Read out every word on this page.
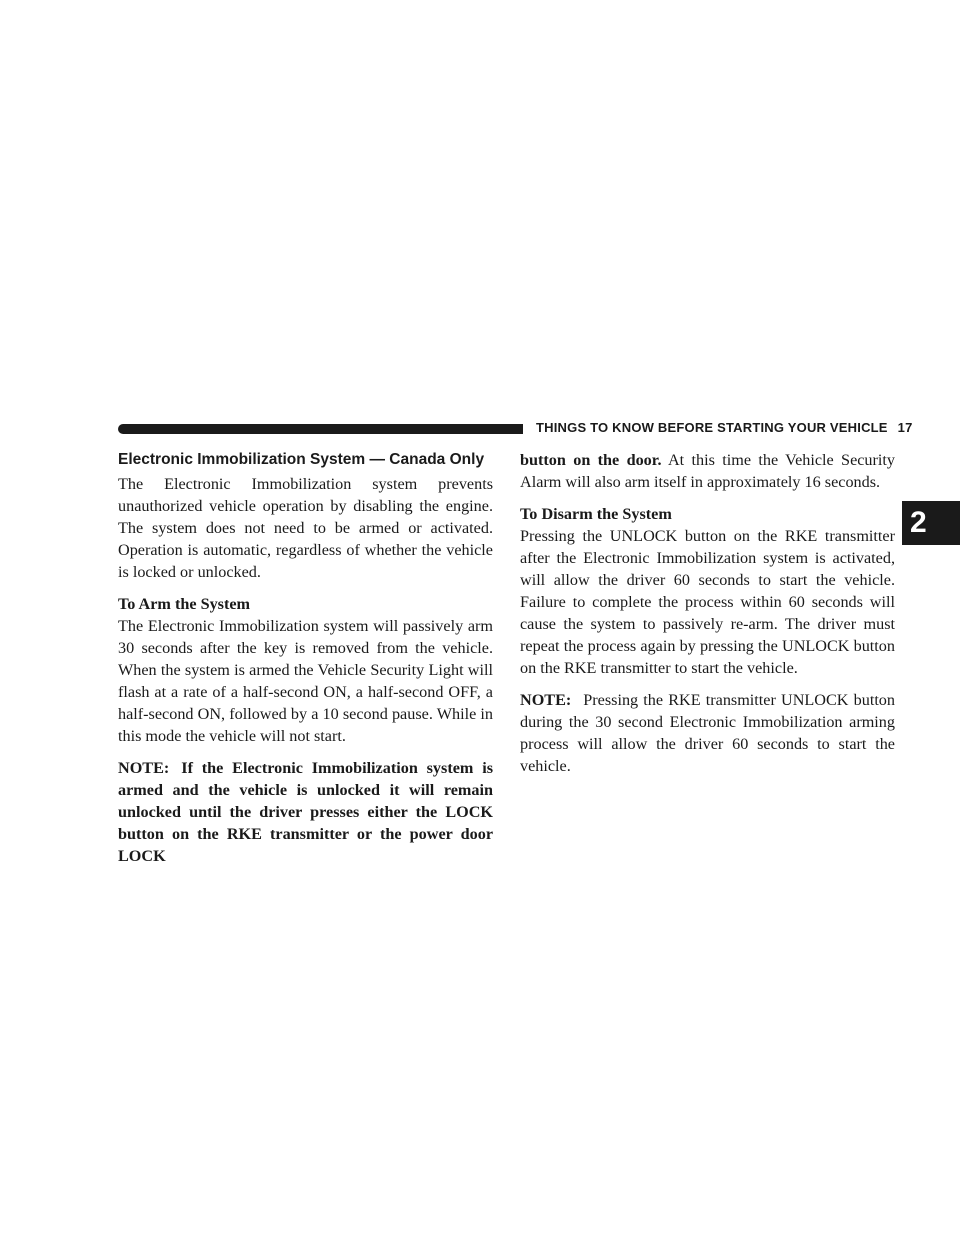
THINGS TO KNOW BEFORE STARTING YOUR VEHICLE 17
2
Electronic Immobilization System — Canada Only

The Electronic Immobilization system prevents unauthorized vehicle operation by disabling the engine. The system does not need to be armed or activated. Operation is automatic, regardless of whether the vehicle is locked or unlocked.

To Arm the System

The Electronic Immobilization system will passively arm 30 seconds after the key is removed from the vehicle. When the system is armed the Vehicle Security Light will flash at a rate of a half-second ON, a half-second OFF, a half-second ON, followed by a 10 second pause. While in this mode the vehicle will not start.

NOTE: If the Electronic Immobilization system is armed and the vehicle is unlocked it will remain unlocked until the driver presses either the LOCK button on the RKE transmitter or the power door LOCK

button on the door. At this time the Vehicle Security Alarm will also arm itself in approximately 16 seconds.

To Disarm the System

Pressing the UNLOCK button on the RKE transmitter after the Electronic Immobilization system is activated, will allow the driver 60 seconds to start the vehicle. Failure to complete the process within 60 seconds will cause the system to passively re-arm. The driver must repeat the process again by pressing the UNLOCK button on the RKE transmitter to start the vehicle.

NOTE: Pressing the RKE transmitter UNLOCK button during the 30 second Electronic Immobilization arming process will allow the driver 60 seconds to start the vehicle.
